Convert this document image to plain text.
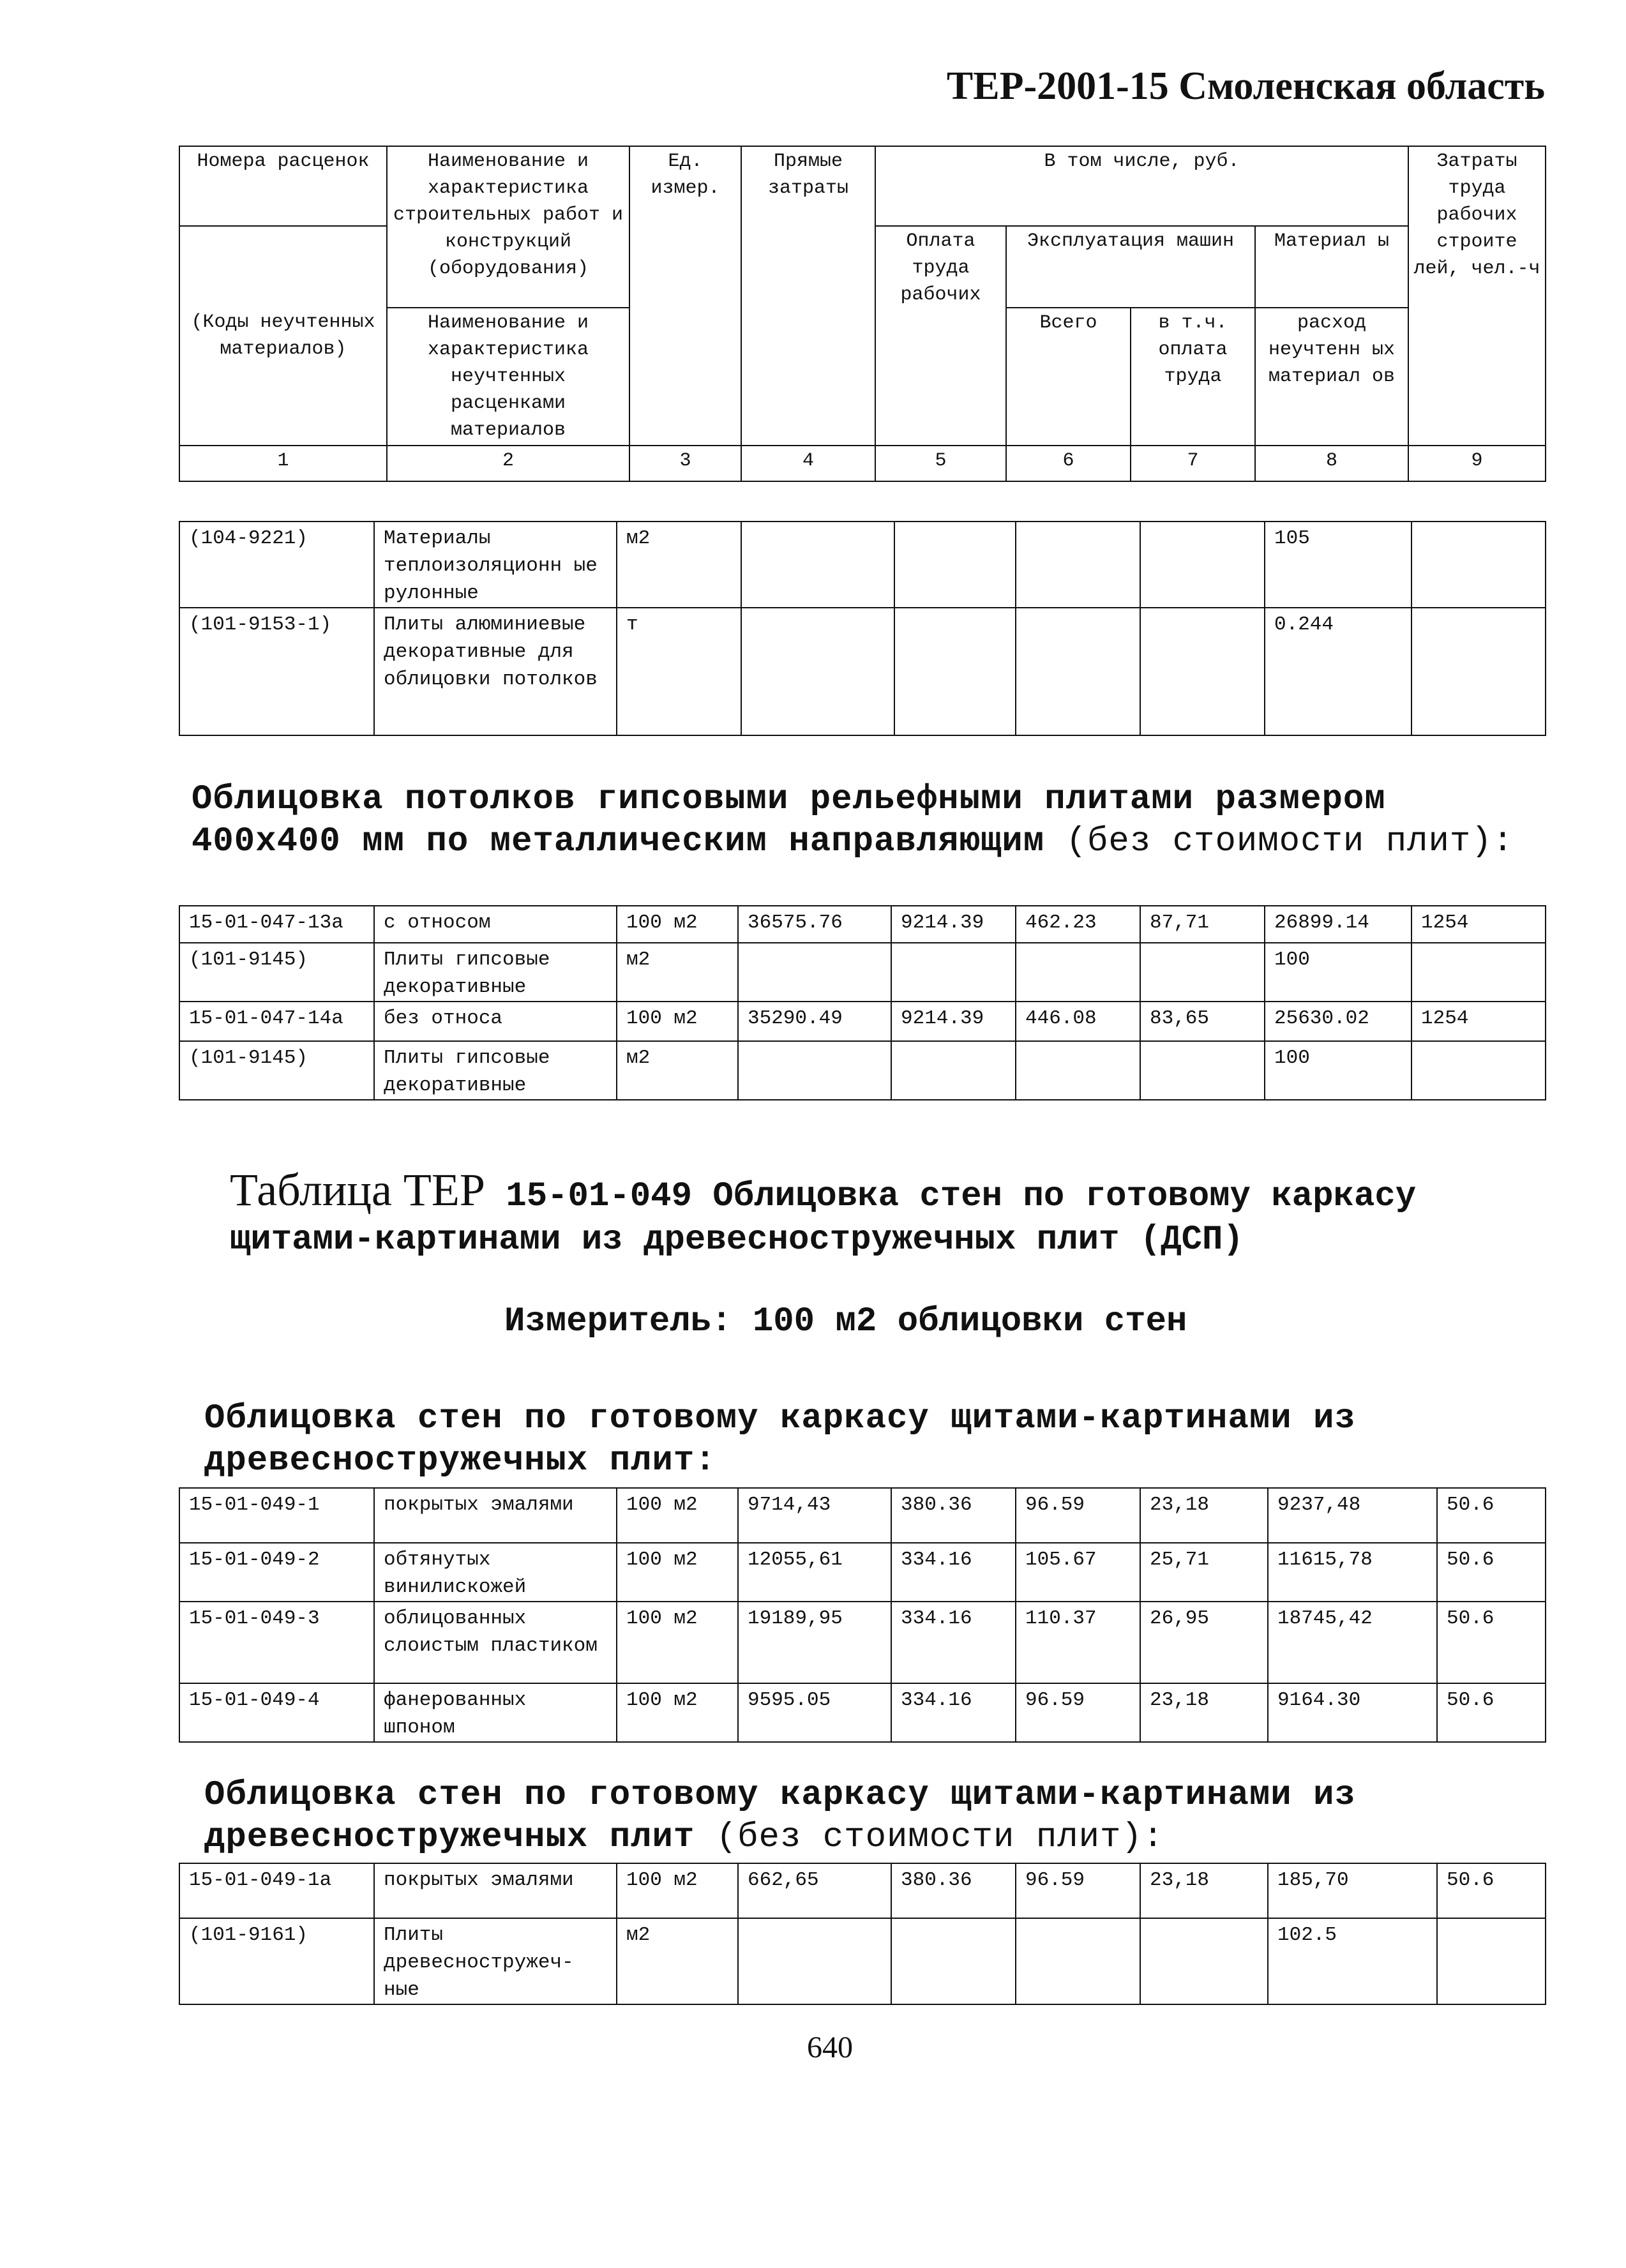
ТЕР-2001-15 Смоленская область
Номера расценок	Наименование и характеристика строительных работ и конструкций (оборудования)	Ед. измер.	Прямые затраты	В том числе, руб.				Затраты труда рабочих строите лей, чел.-ч
				Оплата труда рабочих	Эксплуатация машин		Материал ы	
(Коды неучтенных материалов)	Наименование и характеристика неучтенных расценками материалов				Всего	в т.ч. оплата труда	расход неучтенн ых материал ов	

1	2	3	4	5	6	7	8	9
(104-9221)	Материалы теплоизоляционн ые рулонные	м2					105	
(101-9153-1)	Плиты алюминиевые декоративные для облицовки потолков	т					0.244	
Облицовка потолков гипсовыми рельефными плитами размером 400х400 мм по металлическим направляющим (без стоимости плит):
15-01-047-13а	с относом	100 м2	36575.76	9214.39	462.23	87,71	26899.14	1254
(101-9145)	Плиты гипсовые декоративные	м2					100	
15-01-047-14а	без относа	100 м2	35290.49	9214.39	446.08	83,65	25630.02	1254
(101-9145)	Плиты гипсовые декоративные	м2					100	
Таблица ТЕР 15-01-049 Облицовка стен по готовому каркасу щитами-картинами из древесностружечных плит (ДСП)
Измеритель: 100 м2 облицовки стен
Облицовка стен по готовому каркасу щитами-картинами из древесностружечных плит:
15-01-049-1	покрытых эмалями	100 м2	9714,43	380.36	96.59	23,18	9237,48	50.6
15-01-049-2	обтянутых винилискожей	100 м2	12055,61	334.16	105.67	25,71	11615,78	50.6
15-01-049-3	облицованных слоистым пластиком	100 м2	19189,95	334.16	110.37	26,95	18745,42	50.6
15-01-049-4	фанерованных шпоном	100 м2	9595.05	334.16	96.59	23,18	9164.30	50.6
Облицовка стен по готовому каркасу щитами-картинами из древесностружечных плит (без стоимости плит):
15-01-049-1а	покрытых эмалями	100 м2	662,65	380.36	96.59	23,18	185,70	50.6
(101-9161)	Плиты древесностружеч-ные	м2					102.5	
640
